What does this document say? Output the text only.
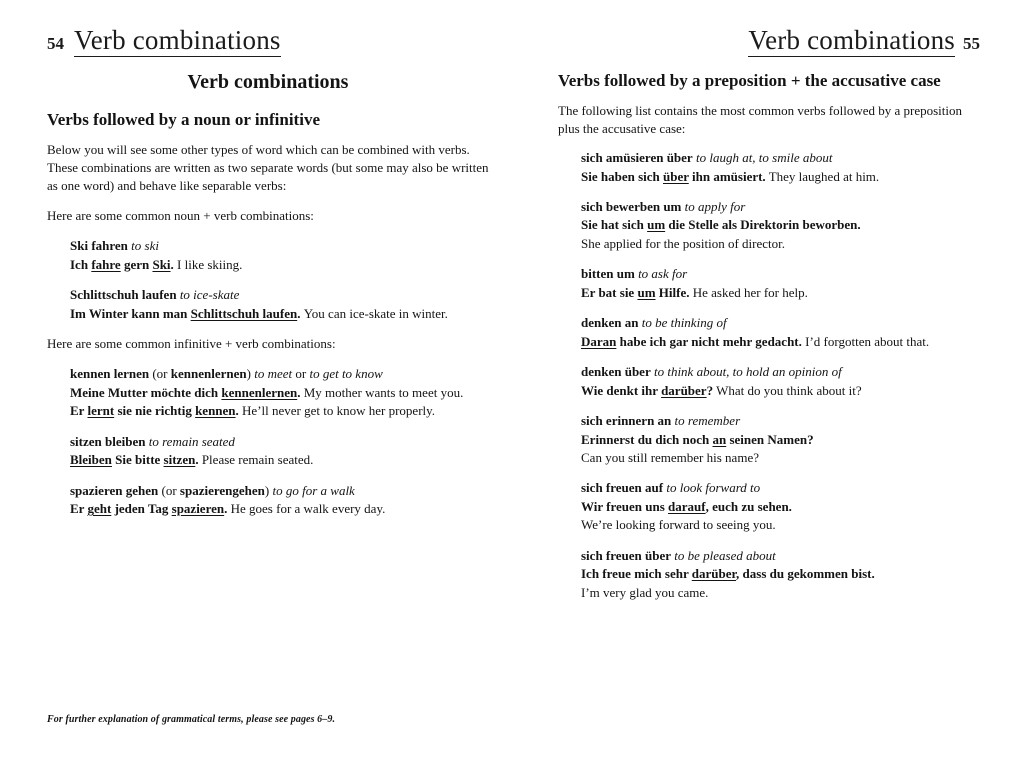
54 Verb combinations
Verb combinations
Verbs followed by a noun or infinitive

Below you will see some other types of word which can be combined with verbs. These combinations are written as two separate words (but some may also be written as one word) and behave like separable verbs:

Here are some common noun + verb combinations:

Ski fahren to ski
Ich fahre gern Ski. I like skiing.
Schlittschuh laufen to ice-skate
Im Winter kann man Schlittschuh laufen. You can ice-skate in winter.

Here are some common infinitive + verb combinations:

kennen lernen (or kennenlernen) to meet or to get to know
Meine Mutter möchte dich kennenlernen. My mother wants to meet you.
Er lernt sie nie richtig kennen. He’ll never get to know her properly.
sitzen bleiben to remain seated
Bleiben Sie bitte sitzen. Please remain seated.
spazieren gehen (or spazierengehen) to go for a walk
Er geht jeden Tag spazieren. He goes for a walk every day.
For further explanation of grammatical terms, please see pages 6–9.
Verb combinations 55
Verbs followed by a preposition + the accusative case

The following list contains the most common verbs followed by a preposition plus the accusative case:

sich amüsieren über to laugh at, to smile about
Sie haben sich über ihn amüsiert. They laughed at him.
sich bewerben um to apply for
Sie hat sich um die Stelle als Direktorin beworben.
She applied for the position of director.
bitten um to ask for
Er bat sie um Hilfe. He asked her for help.
denken an to be thinking of
Daran habe ich gar nicht mehr gedacht. I’d forgotten about that.
denken über to think about, to hold an opinion of
Wie denkt ihr darüber? What do you think about it?
sich erinnern an to remember
Erinnerst du dich noch an seinen Namen?
Can you still remember his name?
sich freuen auf to look forward to
Wir freuen uns darauf, euch zu sehen.
We’re looking forward to seeing you.
sich freuen über to be pleased about
Ich freue mich sehr darüber, dass du gekommen bist.
I’m very glad you came.
